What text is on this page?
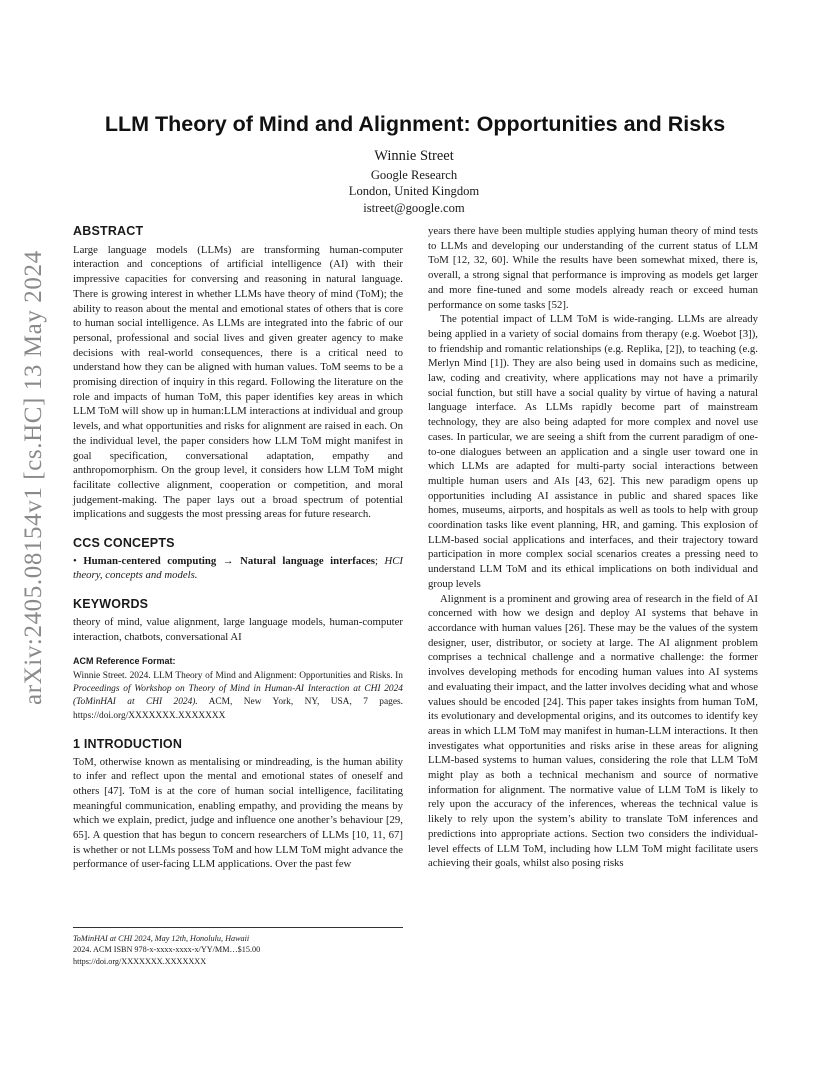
arXiv:2405.08154v1 [cs.HC] 13 May 2024
LLM Theory of Mind and Alignment: Opportunities and Risks
Winnie Street
Google Research
London, United Kingdom
istreet@google.com
ABSTRACT

Large language models (LLMs) are transforming human-computer interaction and conceptions of artificial intelligence (AI) with their impressive capacities for conversing and reasoning in natural language. There is growing interest in whether LLMs have theory of mind (ToM); the ability to reason about the mental and emotional states of others that is core to human social intelligence. As LLMs are integrated into the fabric of our personal, professional and social lives and given greater agency to make decisions with real-world consequences, there is a critical need to understand how they can be aligned with human values. ToM seems to be a promising direction of inquiry in this regard. Following the literature on the role and impacts of human ToM, this paper identifies key areas in which LLM ToM will show up in human:LLM interactions at individual and group levels, and what opportunities and risks for alignment are raised in each. On the individual level, the paper considers how LLM ToM might manifest in goal specification, conversational adaptation, empathy and anthropomorphism. On the group level, it considers how LLM ToM might facilitate collective alignment, cooperation or competition, and moral judgement-making. The paper lays out a broad spectrum of potential implications and suggests the most pressing areas for future research.

CCS CONCEPTS

• Human-centered computing → Natural language interfaces; HCI theory, concepts and models.

KEYWORDS

theory of mind, value alignment, large language models, human-computer interaction, chatbots, conversational AI

ACM Reference Format:
Winnie Street. 2024. LLM Theory of Mind and Alignment: Opportunities and Risks. In Proceedings of Workshop on Theory of Mind in Human-AI Interaction at CHI 2024 (ToMinHAI at CHI 2024). ACM, New York, NY, USA, 7 pages. https://doi.org/XXXXXXX.XXXXXXX
1 INTRODUCTION

ToM, otherwise known as mentalising or mindreading, is the human ability to infer and reflect upon the mental and emotional states of oneself and others [47]. ToM is at the core of human social intelligence, facilitating meaningful communication, enabling empathy, and providing the means by which we explain, predict, judge and influence one another’s behaviour [29, 65]. A question that has begun to concern researchers of LLMs [10, 11, 67] is whether or not LLMs possess ToM and how LLM ToM might advance the performance of user-facing LLM applications. Over the past few

years there have been multiple studies applying human theory of mind tests to LLMs and developing our understanding of the current status of LLM ToM [12, 32, 60]. While the results have been somewhat mixed, there is, overall, a strong signal that performance is improving as models get larger and more fine-tuned and some models already reach or exceed human performance on some tasks [52].

The potential impact of LLM ToM is wide-ranging. LLMs are already being applied in a variety of social domains from therapy (e.g. Woebot [3]), to friendship and romantic relationships (e.g. Replika, [2]), to teaching (e.g. Merlyn Mind [1]). They are also being used in domains such as medicine, law, coding and creativity, where applications may not have a primarily social function, but still have a social quality by virtue of having a natural language interface. As LLMs rapidly become part of mainstream technology, they are also being adapted for more complex and novel use cases. In particular, we are seeing a shift from the current paradigm of one-to-one dialogues between an application and a single user toward one in which LLMs are adapted for multi-party social interactions between multiple human users and AIs [43, 62]. This new paradigm opens up opportunities including AI assistance in public and shared spaces like homes, museums, airports, and hospitals as well as tools to help with group coordination tasks like event planning, HR, and gaming. This explosion of LLM-based social applications and interfaces, and their trajectory toward participation in more complex social scenarios creates a pressing need to understand LLM ToM and its ethical implications on both individual and group levels

Alignment is a prominent and growing area of research in the field of AI concerned with how we design and deploy AI systems that behave in accordance with human values [26]. These may be the values of the system designer, user, distributor, or society at large. The AI alignment problem comprises a technical challenge and a normative challenge: the former involves developing methods for encoding human values into AI systems and evaluating their impact, and the latter involves deciding what and whose values should be encoded [24]. This paper takes insights from human ToM, its evolutionary and developmental origins, and its outcomes to identify key areas in which LLM ToM may manifest in human-LLM interactions. It then investigates what opportunities and risks arise in these areas for aligning LLM-based systems to human values, considering the role that LLM ToM might play as both a technical mechanism and source of normative information for alignment. The normative value of LLM ToM is likely to rely upon the accuracy of the inferences, whereas the technical value is likely to rely upon the system’s ability to translate ToM inferences and predictions into appropriate actions. Section two considers the individual-level effects of LLM ToM, including how LLM ToM might facilitate users achieving their goals, whilst also posing risks

ToMinHAI at CHI 2024, May 12th, Honolulu, Hawaii
2024. ACM ISBN 978-x-xxxx-xxxx-x/YY/MM…$15.00
https://doi.org/XXXXXXX.XXXXXXX
